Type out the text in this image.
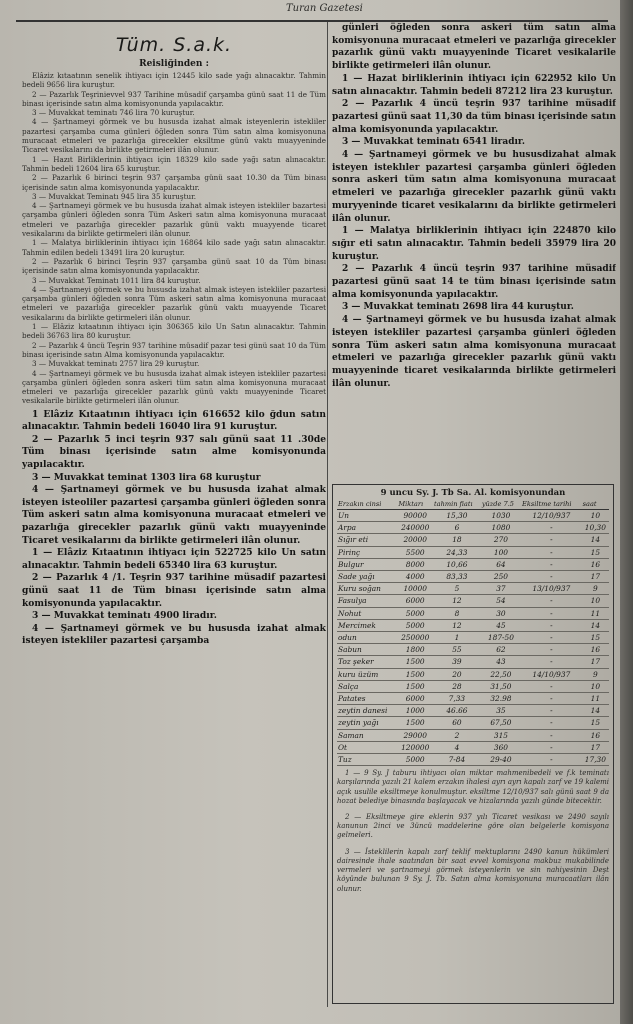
Turan Gazetesi
Tüm. S.a.k.
Reisliğinden :

Elâziz kıtaatının senelik ihtiyacı için 12445 kilo sade yağı alınacaktır. Tahmin bedeli 9656 lira kuruştur.

2 — Pazarlık Teşrinievvel 937 Tarihine müsadif çarşamba günü saat 11 de Tüm binası içerisinde satın alma komisyonunda yapılacaktır.

3 — Muvakkat teminatı 746 lira 70 kuruştur.

4 — Şartnameyi görmek ve bu hususda izahat almak isteyenlerin istekliler pazartesi çarşamba cuma günleri öğleden sonra Tüm satın alma komisyonuna muracaat etmeleri ve pazarlığa girecekler eksiltme günü vaktı muayyeninde Ticaret vesikalarını da birlikte getirmeleri ilân olunur.

1 — Hazıt Birliklerinin ihtiyacı için 18329 kilo sade yağı satın alınacaktır. Tahmin bedeli 12604 lira 65 kuruştur.

2 — Pazarlık 6 birinci teşrin 937 çarşamba günü saat 10.30 da Tüm binası içerisinde satın alma komisyonunda yapılacaktır.

3 — Muvakkat Teminatı 945 lira 35 kuruştur.

4 — Şartnameyi görmek ve bu hususda izahat almak isteyen istekliler bazartesi çarşamba günleri öğleden sonra Tüm Askeri satın alma komisyonuna muracaat etmeleri ve pazarlığa girecekler pazarlık günü vaktı muayyende ticaret vesikalarını da birlikte getirmeleri ilân olunur.

1 — Malatya birliklerinin ihtiyacı için 16864 kilo sade yağı satın alınacaktır. Tahmin edilen bedeli 13491 lira 20 kuruştur.

2 — Pazarlık 6 birinci Teşrin 937 çarşamba günü saat 10 da Tüm binası içerisinde satın alma komisyonunda yapılacaktır.

3 — Muvakkat Teminatı 1011 lira 84 kuruştur.

4 — Şartnameyi görmek ve bu hususda izahat almak isteyen istekliler pazartesi çarşamba günleri öğleden sonra Tüm askeri satın alma komisyonuna muracaat etmeleri ve pazarlığa girecekler pazarlık günü vaktı muayyende Ticaret vesikalarını da birlikte getirmeleri ilân olunur.

1 — Elâziz kıtaatının ihtiyacı için 306365 kilo Un Satın alınacaktır. Tahmin bedeli 36763 lira 80 kuruştur.

2 — Pazarlık 4 üncü Teşrin 937 tarihine müsadif pazar tesi günü saat 10 da Tüm binası içerisinde satın Alma komisyonunda yapılacaktır.

3 — Muvakkat teminatı 2757 lira 29 kuruştur.

4 — Şartnameyi görmek ve bu hususda izahat almak isteyen istekliler pazartesi çarşamba günleri öğleden sonra askeri tüm satın alma komisyonuna muracaat etmeleri ve pazarlığa girecekler pazarlık günü vaktı muayyeninde Ticaret vesikalarile birlikte getirmeleri ilân olunur.

1 Elâziz Kıtaatının ihtiyacı için 616652 kilo ğdun satın alınacaktır. Tahmin bedeli 16040 lira 91 kuruştur.

2 — Pazarlık 5 inci teşrin 937 salı günü saat 11 .30de Tüm binası içerisinde satın alme komisyonunda yapılacaktır.

3 — Muvakkat teminat 1303 lira 68 kuruştur

4 — Şartnameyi görmek ve bu hususda izahat almak isteyen isteoliler pazartesi çarşamba günleri öğleden sonra Tüm askeri satın alma komisyonuna muracaat etmeleri ve pazarlığa girecekler pazarlık günü vaktı muayyeninde Ticaret vesikalarını da birlikte getirmeleri ilân olunur.

1 — Elâziz Kıtaatının ihtiyacı için 522725 kilo Un satın alınacaktır. Tahmin bedeli 65340 lira 63 kuruştur.

2 — Pazarlık 4 /1. Teşrin 937 tarihine müsadif pazartesi günü saat 11 de Tüm binası içerisinde satın alma komisyonunda yapılacaktır.

3 — Muvakkat teminatı 4900 liradır.

4 — Şartnameyi görmek ve bu hususda izahat almak isteyen istekliler pazartesi çarşamba

günleri öğleden sonra askeri tüm satın alma komisyonuna muracaat etmeleri ve pazarlığa girecekler pazarlık günü vaktı muayyeninde Ticaret vesikalarile birlikte getirmeleri ilân olunur.

1 — Hazat birliklerinin ihtiyacı için 622952 kilo Un satın alınacaktır. Tahmin bedeli 87212 lira 23 kuruştur.

2 — Pazarlık 4 üncü teşrin 937 tarihine müsadif pazartesi günü saat 11,30 da tüm binası içerisinde satın alma komisyonunda yapılacaktır.

3 — Muvakkat teminatı 6541 liradır.

4 — Şartnameyi görmek ve bu hususdizahat almak isteyen isteklıler pazartesi çarşamba günleri öğleden sonra askeri tüm satın alma komisyonuna muracaat etmeleri ve pazarlığa girecekler pazarlık günü vaktı muryyeninde ticaret vesikalarını da birlikte getirmeleri ilân olunur.

1 — Malatya birliklerinin ihtiyacı için 224870 kilo sığır eti satın alınacaktır. Tahmin bedeli 35979 lira 20 kuruştur.

2 — Pazarlık 4 üncü teşrin 937 tarihine müsadif pazartesi günü saat 14 te tüm binası içerisinde satın alma komisyonunda yapılacaktır.

3 — Muvakkat teminatı 2698 lira 44 kuruştur.

4 — Şartnameyi görmek ve bu hususda izahat almak isteyen istekliler pazartesi çarşamba günleri öğleden sonra Tüm askeri satın alma komisyonuna muracaat etmeleri ve pazarlığa girecekler pazarlık günü vaktı muayyeninde ticaret vesikalarında birlikte getirmeleri ilân olunur.

9 uncu Sy. J. Tb Sa. Al. komisyonundan
Erzakın cinsi	Miktarı	tahmin fiatı	yüzde 7.5	Eksiltme tarihi	saat
Un	90000	15,30	1030	12/10/937	10
Arpa	240000	6	1080	-	10,30
Sığır eti	20000	18	270	-	14
Pirinç	5500	24,33	100	-	15
Bulgur	8000	10,66	64	-	16
Sade yağı	4000	83,33	250	-	17
Kuru soğan	10000	5	37	13/10/937	9
Fasulya	6000	12	54	-	10
Nohut	5000	8	30	-	11
Mercimek	5000	12	45	-	14
odun	250000	1	187-50	-	15
Sabun	1800	55	62	-	16
Toz şeker	1500	39	43	-	17
kuru üzüm	1500	20	22,50	14/10/937	9
Salça	1500	28	31,50	-	10
Patates	6000	7,33	32.98	-	11
zeytin danesi	1000	46.66	35	-	14
zeytin yağı	1500	60	67,50	-	15
Saman	29000	2	315	-	16
Ot	120000	4	360	-	17
Tuz	5000	7-84	29-40	-	17,30

1 — 9 Sy. J taburu ihtiyacı olan miktar mahmenibedeli ve f.k teminatı karşılarında yazılı 21 kalem erzakın ihalesi ayrı ayrı kapalı zarf ve 19 kalemi açık usulile eksiltmeye konulmuştur. eksiltme 12/10/937 salı günü saat 9 da hozat belediye binasında başlayacak ve hizalarında yazılı günde bitecektir.

2 — Eksiltmeye gire eklerin 937 yılı Ticaret vesikası ve 2490 sayılı kanunun 2inci ve 3üncü maddelerine göre olan belgelerle komisyona gelmeleri.

3 — İsteklilerin kapalı zarf teklif mektuplarını 2490 kanun hükümleri dairesinde ihale saatından bir saat evvel komisyona makbuz mukabilinde vermeleri ve şartnameyi görmek isteyenlerin ve sin nahiyesinin Deşt köyünde bulunan 9 Sy. J. Tb. Satın alma komisyonuna muracaatları ilân olunur.
